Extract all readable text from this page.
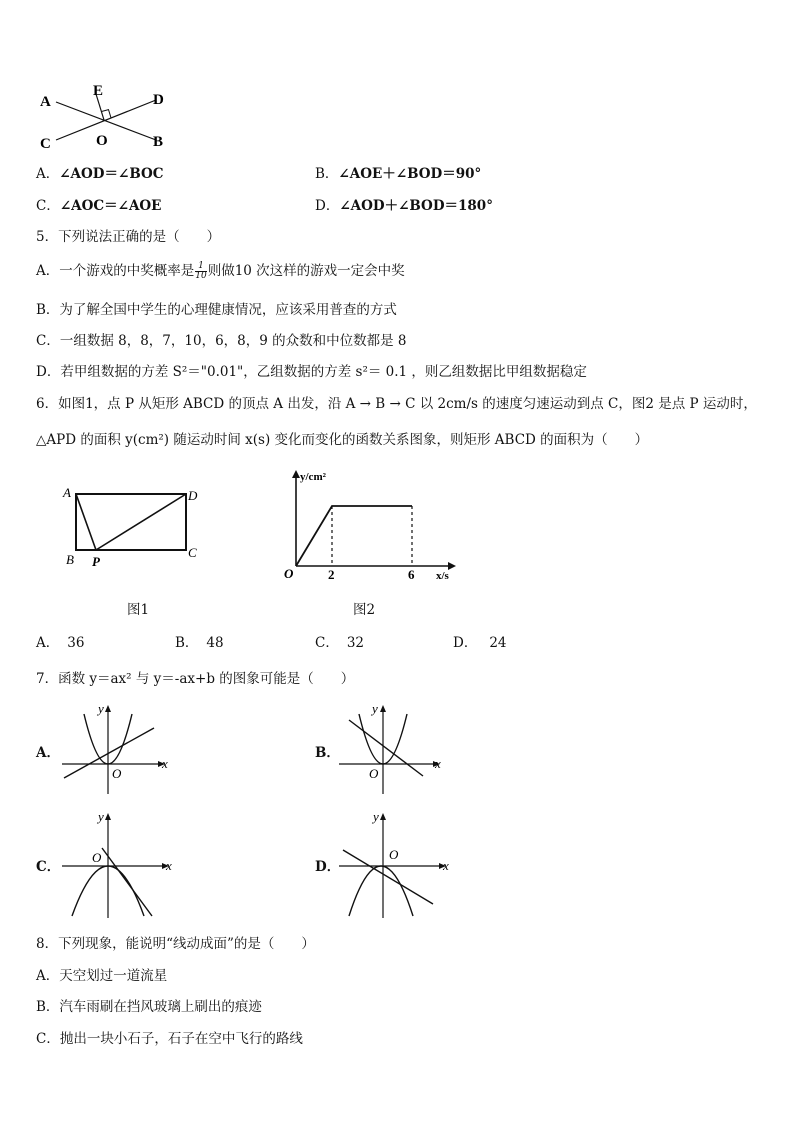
A
E
D
C	O	B
A．∠AOD＝∠BOC	B．∠AOE＋∠BOD＝90°
C．∠AOC＝∠AOE	D．∠AOD＋∠BOD＝180°
5．下列说法正确的是（　　）
A．一个游戏的中奖概率是 $\frac{1}{10}$ 则做10 次这样的游戏一定会中奖
B．为了解全国中学生的心理健康情况，应该采用普查的方式
C．一组数据 8，8，7，10，6，8，9 的众数和中位数都是 8
D．若甲组数据的方差 S²＝"0.01"，乙组数据的方差 s²＝ 0.1 ，则乙组数据比甲组数据稳定
6．如图1，点 P 从矩形 ABCD 的顶点 A 出发，沿 A → B → C 以 2cm/s 的速度匀速运动到点 C，图2 是点 P 运动时，
△APD 的面积 y(cm²) 随运动时间 x(s) 变化而变化的函数关系图象，则矩形 ABCD 的面积为（　　）
A	D
B P
C
图1
y/cm²
x/s
O	2	6
图2
A． 36	B． 48	C． 32	D． 24
7．函数 y＝ax² 与 y＝-ax+b 的图象可能是（　　）
A．
x
y
O
B．
x
y
O
C．	x
y
O
D．	x
y
O
8．下列现象，能说明“线动成面”的是（　　）
A．天空划过一道流星
B．汽车雨刷在挡风玻璃上刷出的痕迹
C．抛出一块小石子，石子在空中飞行的路线
